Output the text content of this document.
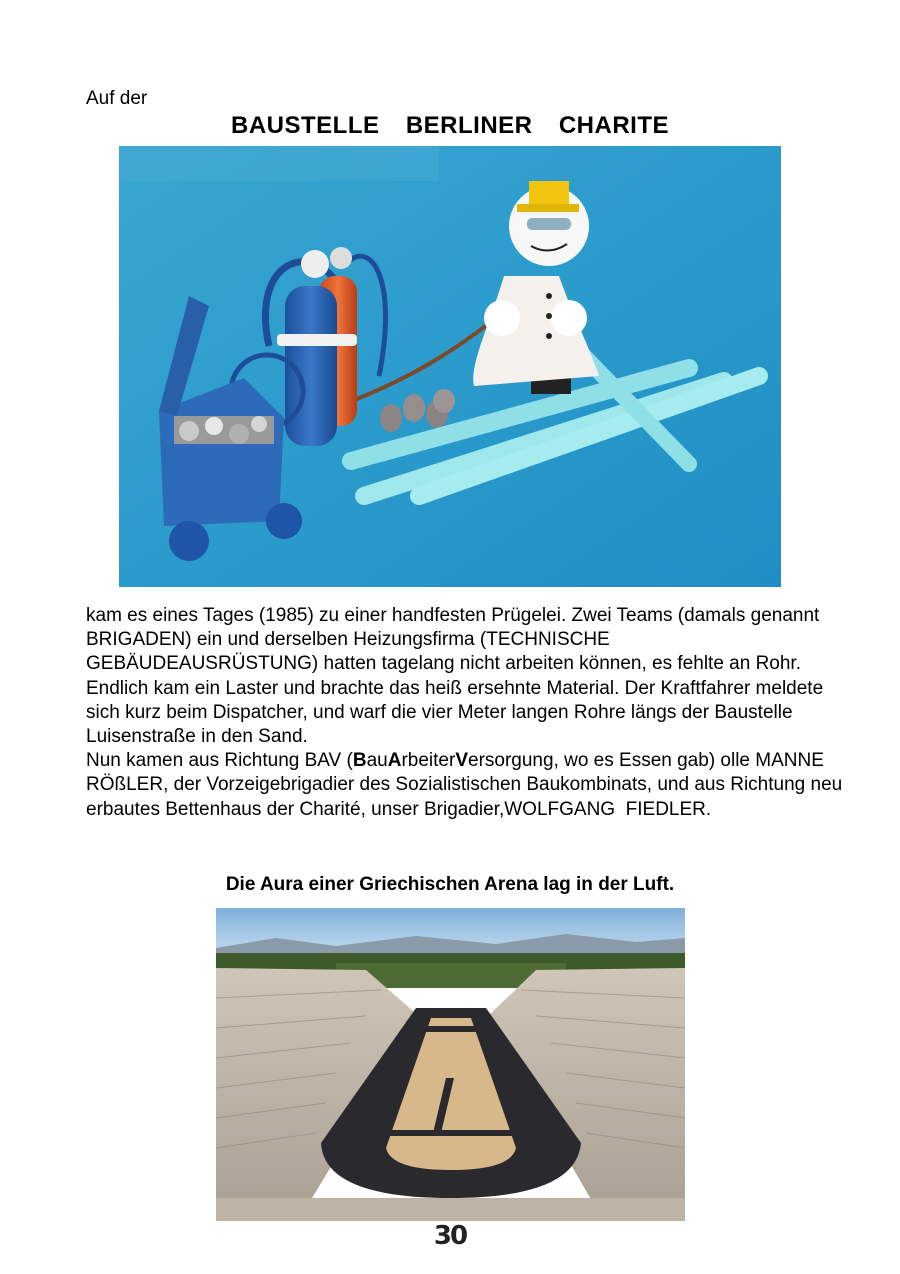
Auf der
BAUSTELLE  BERLINER  CHARITE

kam es eines Tages (1985) zu einer handfesten Prügelei. Zwei Teams (damals genannt BRIGADEN) ein und derselben Heizungsfirma (TECHNISCHE GEBÄUDEAUSRÜSTUNG) hatten tagelang nicht arbeiten können, es fehlte an Rohr. Endlich kam ein Laster und brachte das heiß ersehnte Material. Der Kraftfahrer meldete sich kurz beim Dispatcher, und warf die vier Meter langen Rohre längs der Baustelle Luisenstraße in den Sand.

Nun kamen aus Richtung BAV (BauArbeiterVersorgung, wo es Essen gab) olle MANNE  RÖßLER, der Vorzeigebrigadier des Sozialistischen Baukombinats, und aus Richtung neu erbautes Bettenhaus der Charité, unser Brigadier,WOLFGANG  FIEDLER.

Die Aura einer Griechischen Arena lag in der Luft.
30
